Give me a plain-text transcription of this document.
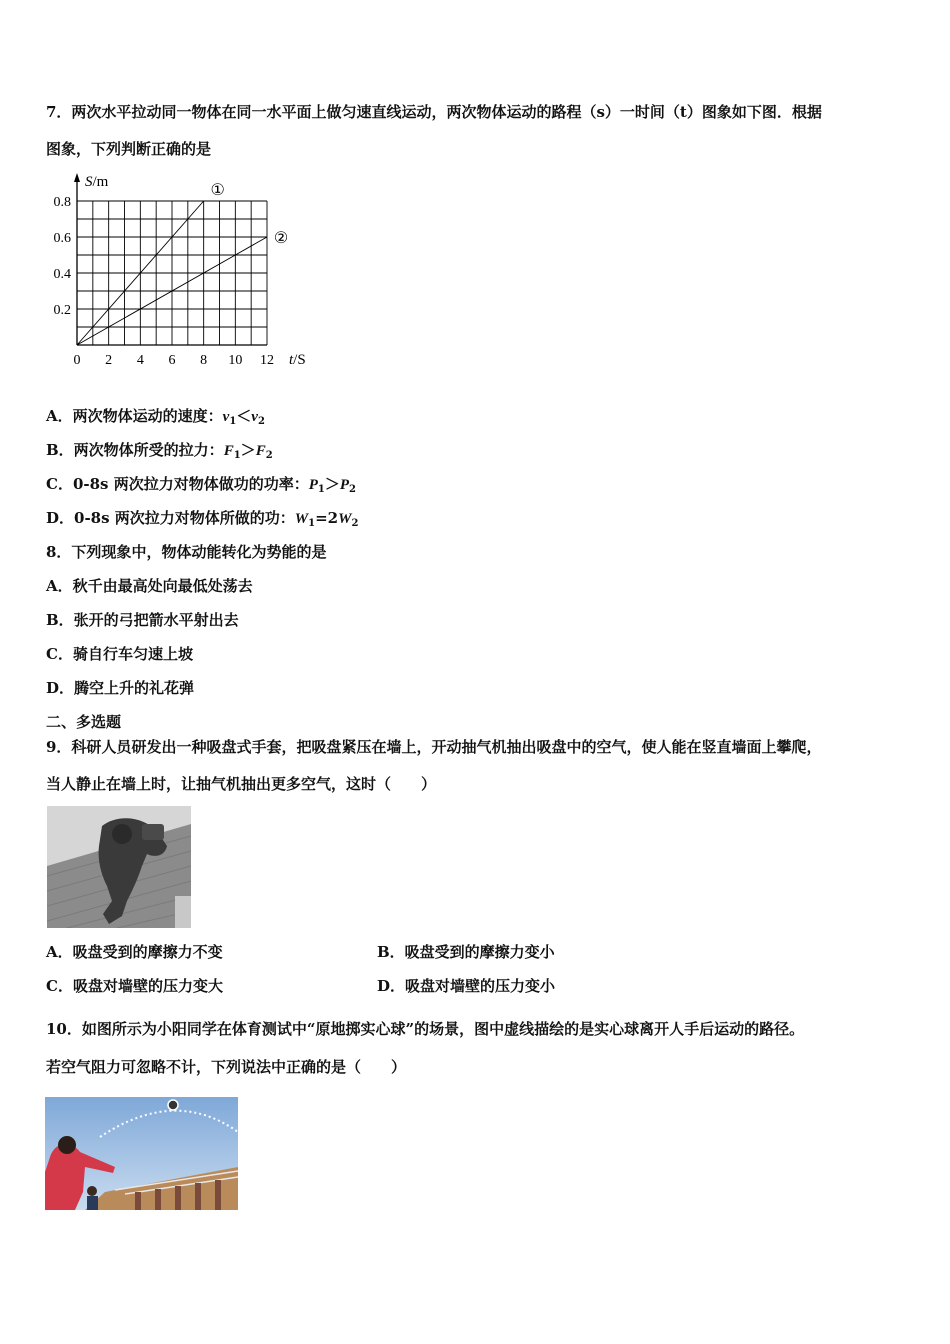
7．两次水平拉动同一物体在同一水平面上做匀速直线运动，两次物体运动的路程（s）一时间（t）图象如下图．根据
图象，下列判断正确的是
S/m
0 2 4 6 8 10 12
0.2
0.4
0.6
0.8
①
②
t/S
A．两次物体运动的速度：$v_1<v_2$
B．两次物体所受的拉力：$F_1>F_2$
C．0-8s 两次拉力对物体做功的功率：$P_1>P_2$
D．0-8s 两次拉力对物体所做的功：$W_1=2W_2$
8．下列现象中，物体动能转化为势能的是
A．秋千由最高处向最低处荡去
B．张开的弓把箭水平射出去
C．骑自行车匀速上坡
D．腾空上升的礼花弹
二、多选题
9．科研人员研发出一种吸盘式手套，把吸盘紧压在墙上，开动抽气机抽出吸盘中的空气，使人能在竖直墙面上攀爬，
当人静止在墙上时，让抽气机抽出更多空气，这时（　　）
A．吸盘受到的摩擦力不变	B．吸盘受到的摩擦力变小
C．吸盘对墙壁的压力变大	D．吸盘对墙壁的压力变小
10．如图所示为小阳同学在体育测试中“原地掷实心球”的场景，图中虚线描绘的是实心球离开人手后运动的路径。
若空气阻力可忽略不计，下列说法中正确的是（　　）
